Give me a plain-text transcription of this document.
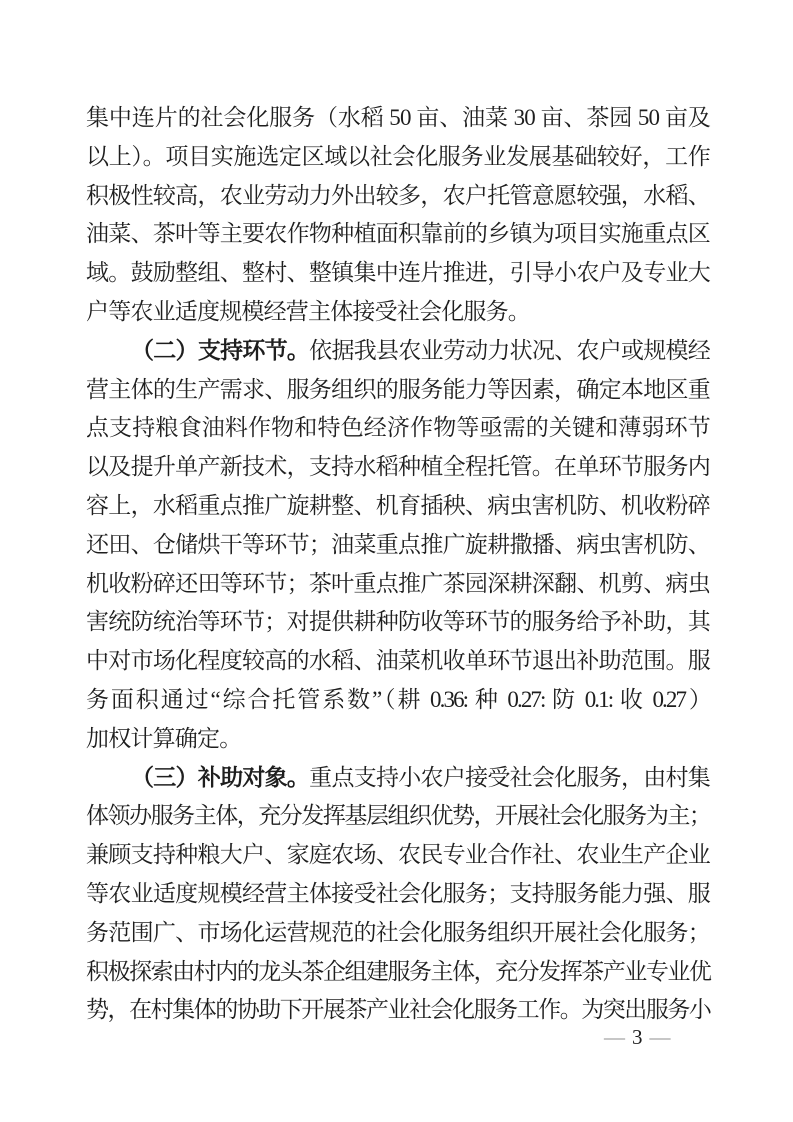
集中连片的社会化服务（水稻 50 亩、油菜 30 亩、茶园 50 亩及
以上）。项目实施选定区域以社会化服务业发展基础较好，工作
积极性较高，农业劳动力外出较多，农户托管意愿较强，水稻、
油菜、茶叶等主要农作物种植面积靠前的乡镇为项目实施重点区
域。鼓励整组、整村、整镇集中连片推进，引导小农户及专业大
户等农业适度规模经营主体接受社会化服务。
（二）支持环节。依据我县农业劳动力状况、农户或规模经
营主体的生产需求、服务组织的服务能力等因素，确定本地区重
点支持粮食油料作物和特色经济作物等亟需的关键和薄弱环节
以及提升单产新技术，支持水稻种植全程托管。在单环节服务内
容上，水稻重点推广旋耕整、机育插秧、病虫害机防、机收粉碎
还田、仓储烘干等环节；油菜重点推广旋耕撒播、病虫害机防、
机收粉碎还田等环节；茶叶重点推广茶园深耕深翻、机剪、病虫
害统防统治等环节；对提供耕种防收等环节的服务给予补助，其
中对市场化程度较高的水稻、油菜机收单环节退出补助范围。服
务面积通过“综合托管系数”（耕 0.36: 种 0.27: 防 0.1: 收 0.27）
加权计算确定。
（三）补助对象。重点支持小农户接受社会化服务，由村集
体领办服务主体，充分发挥基层组织优势，开展社会化服务为主；
兼顾支持种粮大户、家庭农场、农民专业合作社、农业生产企业
等农业适度规模经营主体接受社会化服务；支持服务能力强、服
务范围广、市场化运营规范的社会化服务组织开展社会化服务；
积极探索由村内的龙头茶企组建服务主体，充分发挥茶产业专业优
势，在村集体的协助下开展茶产业社会化服务工作。为突出服务小
— 3 —
